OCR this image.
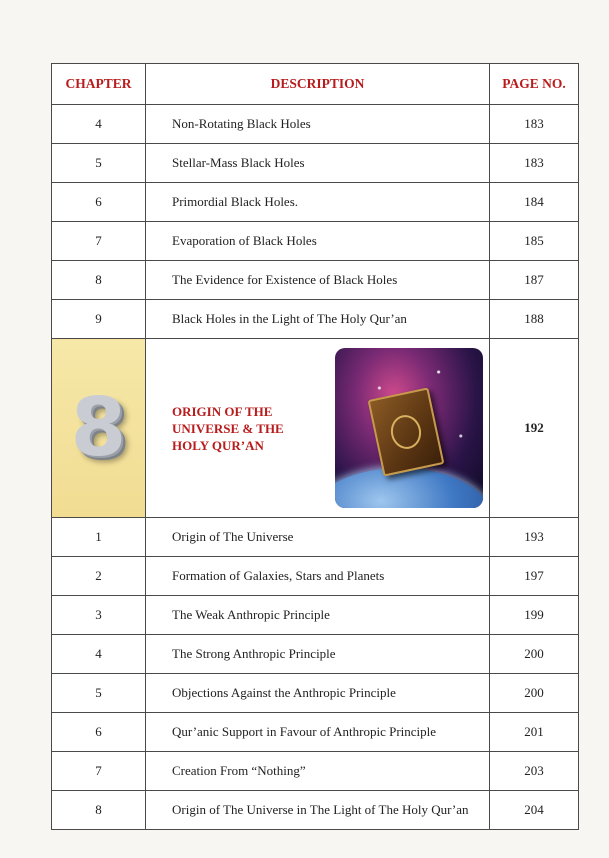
CHAPTER	DESCRIPTION	PAGE NO.
4	Non-Rotating Black Holes	183
5	Stellar-Mass Black Holes	183
6	Primordial Black Holes.	184
7	Evaporation of Black Holes	185
8	The Evidence for Existence of Black Holes	187
9	Black Holes in the Light of The Holy Qur’an	188
8	ORIGIN OF THE
UNIVERSE & THE
HOLY QUR’AN	192
1	Origin of The Universe	193
2	Formation of Galaxies, Stars and Planets	197
3	The Weak Anthropic Principle	199
4	The Strong Anthropic Principle	200
5	Objections Against the Anthropic Principle	200
6	Qur’anic Support in Favour of Anthropic Principle	201
7	Creation From “Nothing”	203
8	Origin of The Universe in The Light of The Holy Qur’an	204
